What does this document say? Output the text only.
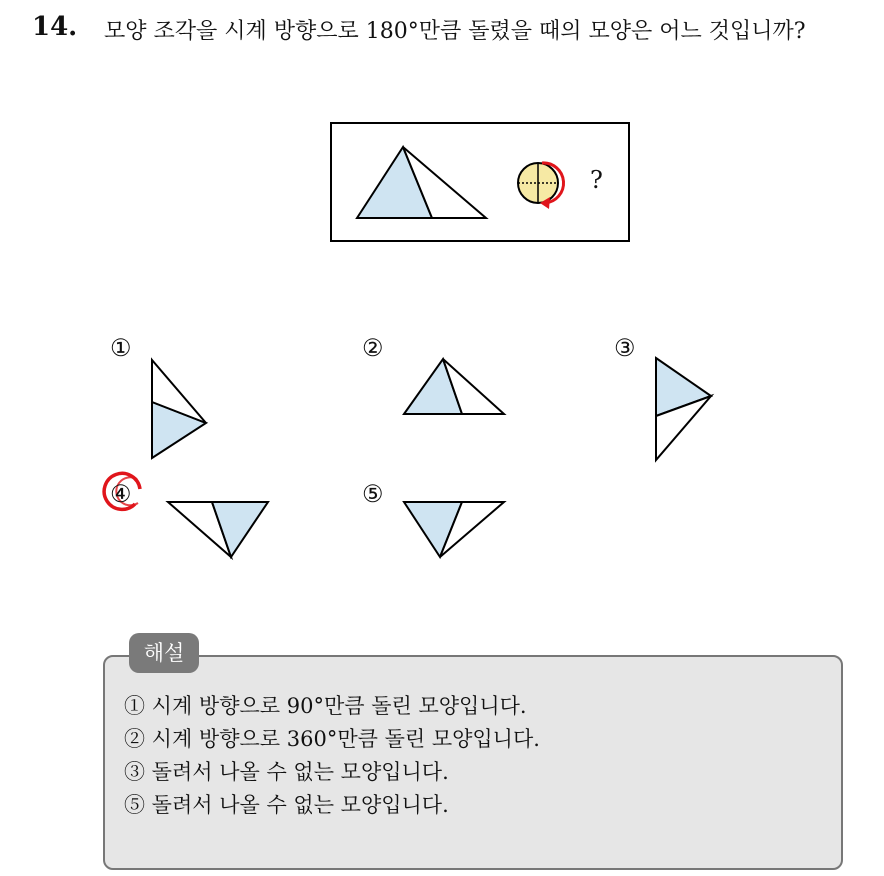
14. 모양 조각을 시계 방향으로 180°만큼 돌렸을 때의 모양은 어느 것입니까?
?
①	②	③
④	⑤
해설
① 시계 방향으로 90°만큼 돌린 모양입니다.
② 시계 방향으로 360°만큼 돌린 모양입니다.
③ 돌려서 나올 수 없는 모양입니다.
⑤ 돌려서 나올 수 없는 모양입니다.
